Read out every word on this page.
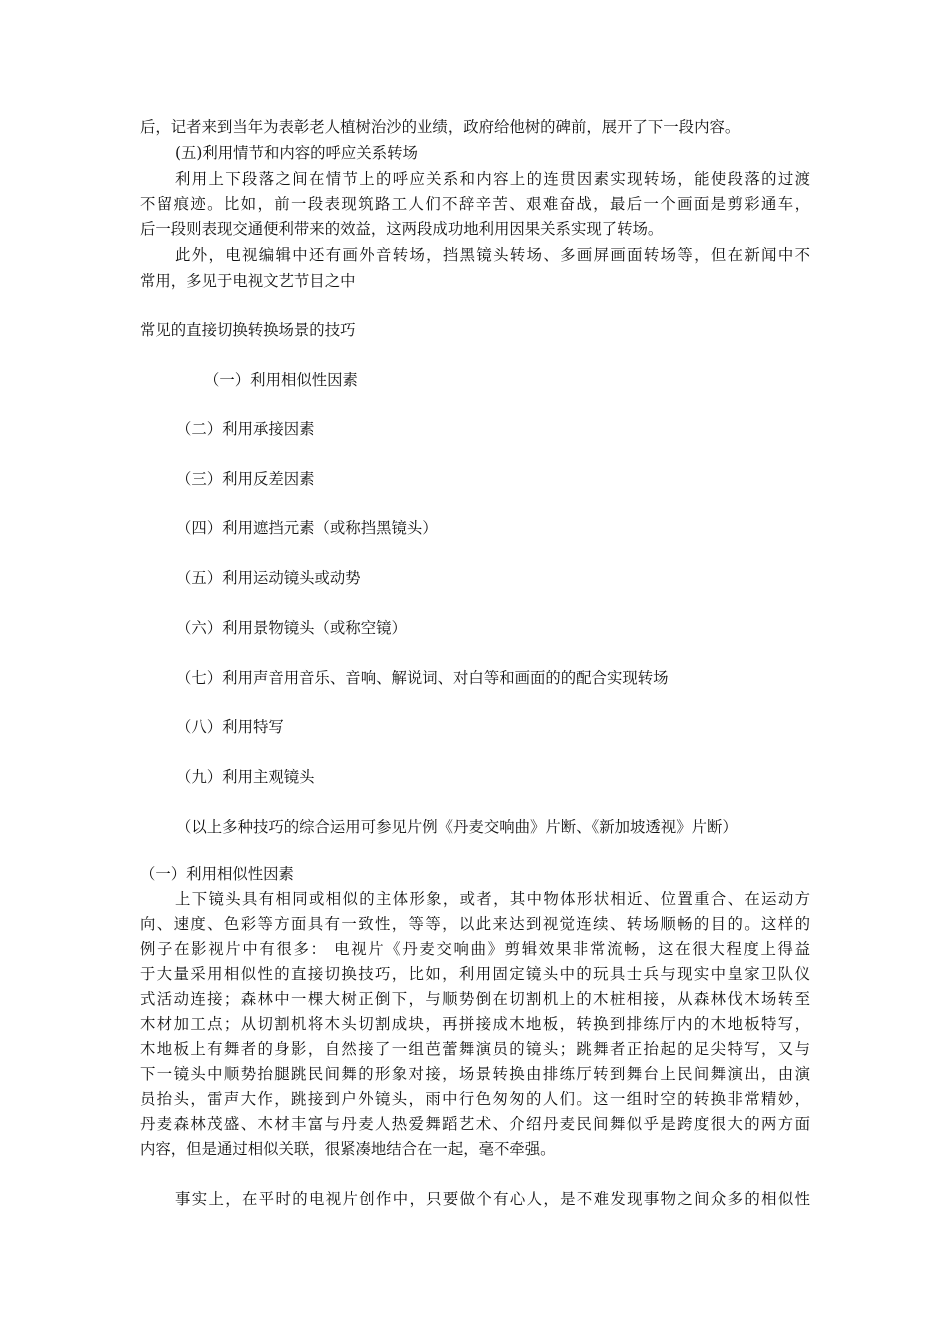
后，记者来到当年为表彰老人植树治沙的业绩，政府给他树的碑前，展开了下一段内容。

(五)利用情节和内容的呼应关系转场

利用上下段落之间在情节上的呼应关系和内容上的连贯因素实现转场，能使段落的过渡

不留痕迹。比如，前一段表现筑路工人们不辞辛苦、艰难奋战，最后一个画面是剪彩通车，

后一段则表现交通便利带来的效益，这两段成功地利用因果关系实现了转场。

此外，电视编辑中还有画外音转场，挡黑镜头转场、多画屏画面转场等，但在新闻中不

常用，多见于电视文艺节目之中

常见的直接切换转换场景的技巧

（一）利用相似性因素

（二）利用承接因素

（三）利用反差因素

（四）利用遮挡元素（或称挡黑镜头）

（五）利用运动镜头或动势

（六）利用景物镜头（或称空镜）

（七）利用声音用音乐、音响、解说词、对白等和画面的的配合实现转场

（八）利用特写

（九）利用主观镜头

（以上多种技巧的综合运用可参见片例《丹麦交响曲》片断、《新加坡透视》片断）

（一）利用相似性因素

上下镜头具有相同或相似的主体形象，或者，其中物体形状相近、位置重合、在运动方

向、速度、色彩等方面具有一致性，等等，以此来达到视觉连续、转场顺畅的目的。这样的

例子在影视片中有很多： 电视片《丹麦交响曲》剪辑效果非常流畅，这在很大程度上得益

于大量采用相似性的直接切换技巧，比如，利用固定镜头中的玩具士兵与现实中皇家卫队仪

式活动连接；森林中一棵大树正倒下，与顺势倒在切割机上的木桩相接，从森林伐木场转至

木材加工点；从切割机将木头切割成块，再拼接成木地板，转换到排练厅内的木地板特写，

木地板上有舞者的身影，自然接了一组芭蕾舞演员的镜头；跳舞者正抬起的足尖特写，又与

下一镜头中顺势抬腿跳民间舞的形象对接，场景转换由排练厅转到舞台上民间舞演出，由演

员抬头，雷声大作，跳接到户外镜头，雨中行色匆匆的人们。这一组时空的转换非常精妙，

丹麦森林茂盛、木材丰富与丹麦人热爱舞蹈艺术、介绍丹麦民间舞似乎是跨度很大的两方面

内容，但是通过相似关联，很紧凑地结合在一起，毫不牵强。

事实上，在平时的电视片创作中，只要做个有心人，是不难发现事物之间众多的相似性
